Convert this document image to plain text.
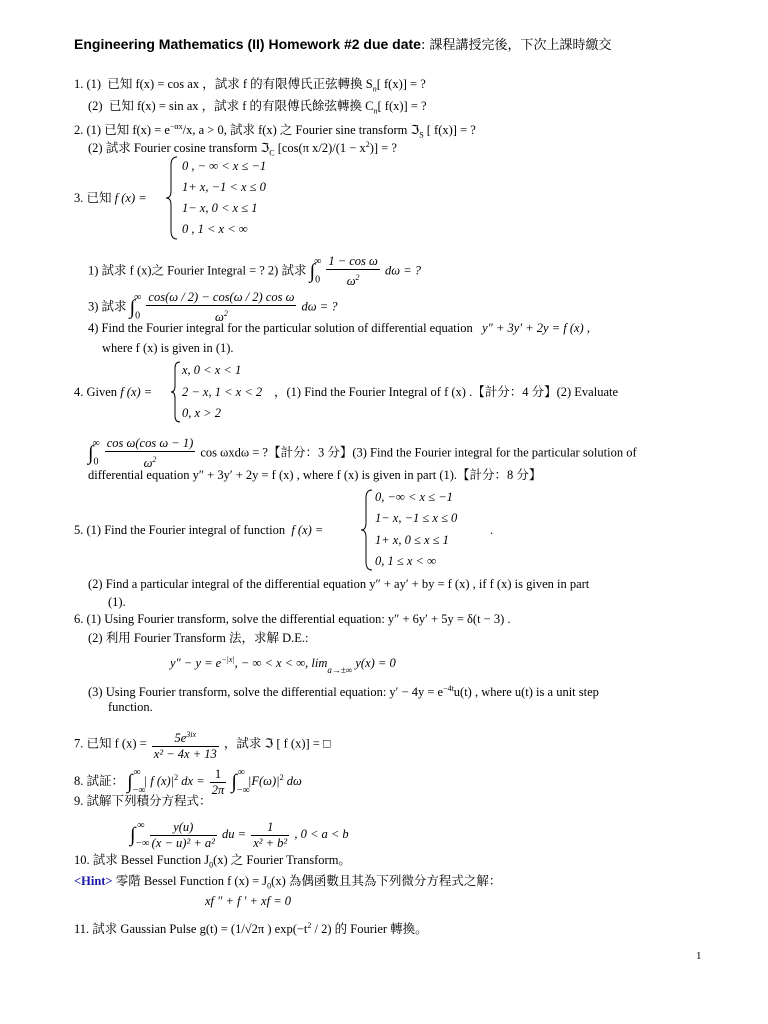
Engineering Mathematics (II) Homework #2 due date: 課程講授完後，下次上課時繳交
1. (1) 已知 f(x) = cos ax ，試求 f 的有限傅氏正弦轉換 $S_n$[ f(x)] = ?
(2) 已知 f(x) = sin ax ，試求 f 的有限傅氏餘弦轉換 $C_n$[ f(x)] = ?
2. (1) 已知 $f(x) = e^{-\alpha x}/x$, a > 0, 試求 f(x) 之 Fourier sine transform ℑ$_S$ [ f(x)] = ?
(2) 試求 Fourier cosine transform ℑ$_C$ [cos(π $x/2)/(1 - x^2)$] = ?
3. 已知 f (x) =
0 , − ∞ < x ≤ −1
1+ x, −1 < x ≤ 0
1− x, 0 < x ≤ 1
0 , 1 < x < ∞
1) 試求 f (x)之 Fourier Integral = ? 2) 試求 $\int_0^\infty \frac{\text{1 − cos ω}}{\omega^2}$ dω = ?
3) 試求 $\int_0^\infty \frac{\text{cos(ω / 2) − cos(ω / 2) cos ω}}{\omega^2}$ dω = ?
4) Find the Fourier integral for the particular solution of differential equation y″ + 3y′ + 2y = f (x) ,
where f (x) is given in (1).
4. Given f (x) =
x, 0 < x < 1
2 − x, 1 < x < 2
0, x > 2
，(1) Find the Fourier Integral of f (x) .【計分：4 分】(2) Evaluate
$\int_0^\infty \frac{\text{cos ω(cos ω − 1)}}{\omega^2}$ cos ωxdω = ?【計分：3 分】(3) Find the Fourier integral for the particular solution of
differential equation y″ + 3y′ + 2y = f (x) , where f (x) is given in part (1).【計分：8 分】
5. (1) Find the Fourier integral of function f (x) =
0, −∞ < x ≤ −1
1− x, −1 ≤ x ≤ 0
1+ x, 0 ≤ x ≤ 1
0, 1 ≤ x < ∞
.
(2) Find a particular integral of the differential equation y″ + ay′ + by = f (x) , if f (x) is given in part
(1).
6. (1) Using Fourier transform, solve the differential equation: y″ + 6y′ + 5y = δ(t − 3) .
(2) 利用 Fourier Transform 法，求解 D.E.:
$y'' - y = e^{-|x|}$, − ∞ < x < ∞, $\lim_{a\to\pm\infty} y(x) = 0$
(3) Using Fourier transform, solve the differential equation: $y' - 4y = e^{-4t}u(t)$ , where u(t) is a unit step
function.
7. 已知 f $(x) = \frac{5e^{3ix}}{\text{x² − 4x + 13}}$ ，試求 ℑ [ f (x)] = □
8. 試証： $\int_{-\infty}^\infty$ | f $(x)|^2$ dx = $\frac{1}{2\pi} \int_{-\infty}^\infty$ $|F(\omega)|^2$ dω
9. 試解下列積分方程式：
$\int_{-\infty}^\infty \frac{y(u)}{\text{(x − u)² + a²}}$ du = $\frac{1}{\text{x² + b²}}$ , 0 < a < b
10. 試求 Bessel Function $J_0(x)$ 之 Fourier Transform。
<Hint> 零階 Bessel Function f $(x) = J_0(x)$ 為偶函數且其為下列微分方程式之解：
xf ″ + f ′ + xf = 0
11. 試求 Gaussian Pulse g(t) = (1/√2π ) $\exp(-t^2 / 2)$ 的 Fourier 轉換。
1
